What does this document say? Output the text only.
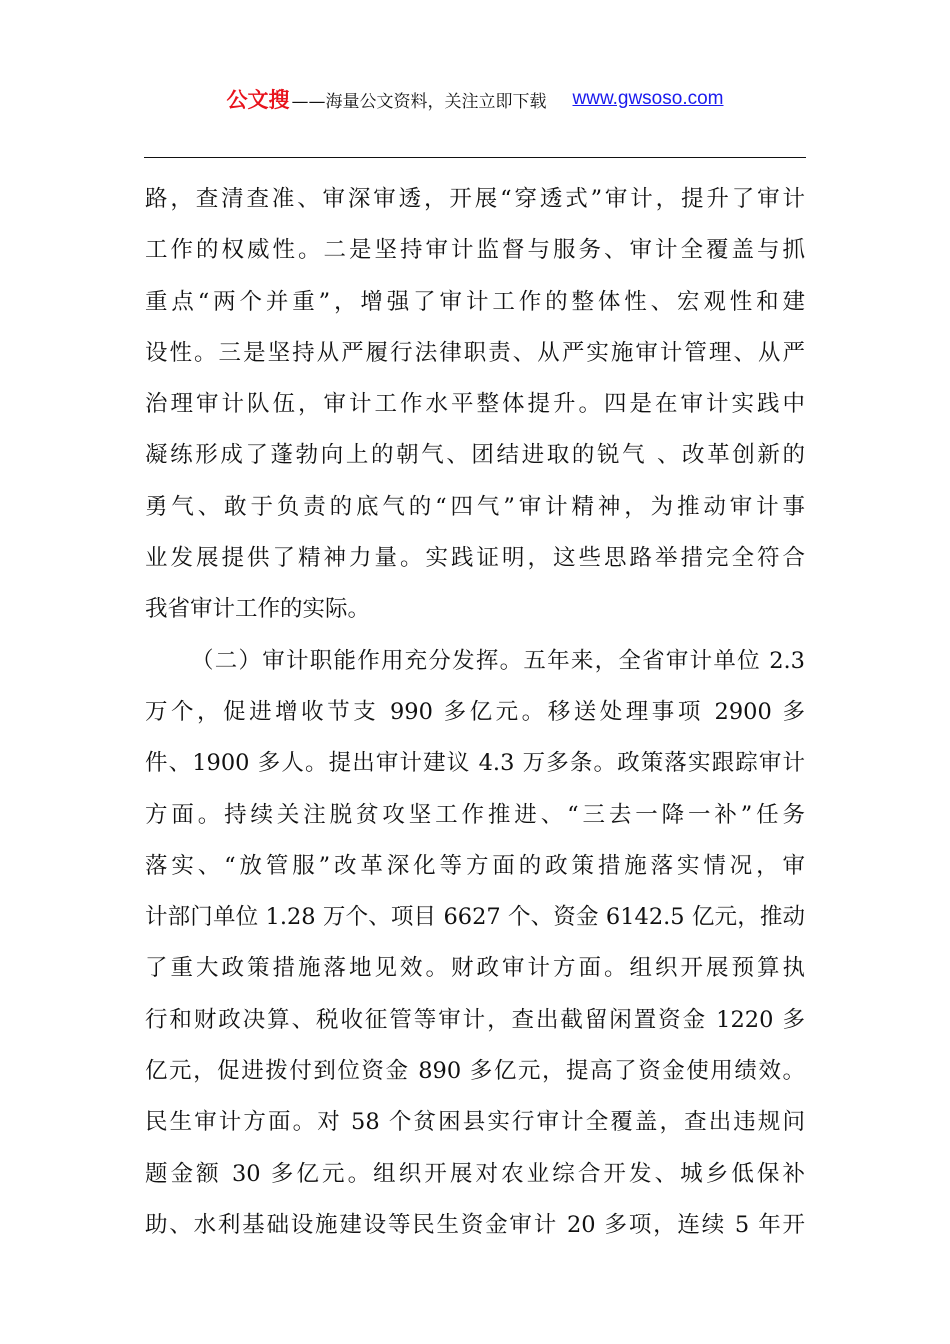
公文搜 ——海量公文资料，关注立即下载 www.gwsoso.com
路，查清查准、审深审透，开展“穿透式”审计，提升了审计
工作的权威性。二是坚持审计监督与服务、审计全覆盖与抓
重点“两个并重”，增强了审计工作的整体性、宏观性和建
设性。三是坚持从严履行法律职责、从严实施审计管理、从严
治理审计队伍，审计工作水平整体提升。四是在审计实践中
凝练形成了蓬勃向上的朝气、团结进取的锐气 、改革创新的
勇气、敢于负责的底气的“四气”审计精神，为推动审计事
业发展提供了精神力量。实践证明，这些思路举措完全符合
我省审计工作的实际。
（二）审计职能作用充分发挥。五年来，全省审计单位 2.3
万个，促进增收节支 990 多亿元。移送处理事项 2900 多
件、1900 多人。提出审计建议 4.3 万多条。政策落实跟踪审计
方面。持续关注脱贫攻坚工作推进、“三去一降一补”任务
落实、“放管服”改革深化等方面的政策措施落实情况，审
计部门单位 1.28 万个、项目 6627 个、资金 6142.5 亿元，推动
了重大政策措施落地见效。财政审计方面。组织开展预算执
行和财政决算、税收征管等审计，查出截留闲置资金 1220 多
亿元，促进拨付到位资金 890 多亿元，提高了资金使用绩效。
民生审计方面。对 58 个贫困县实行审计全覆盖，查出违规问
题金额 30 多亿元。组织开展对农业综合开发、城乡低保补
助、水利基础设施建设等民生资金审计 20 多项，连续 5 年开
